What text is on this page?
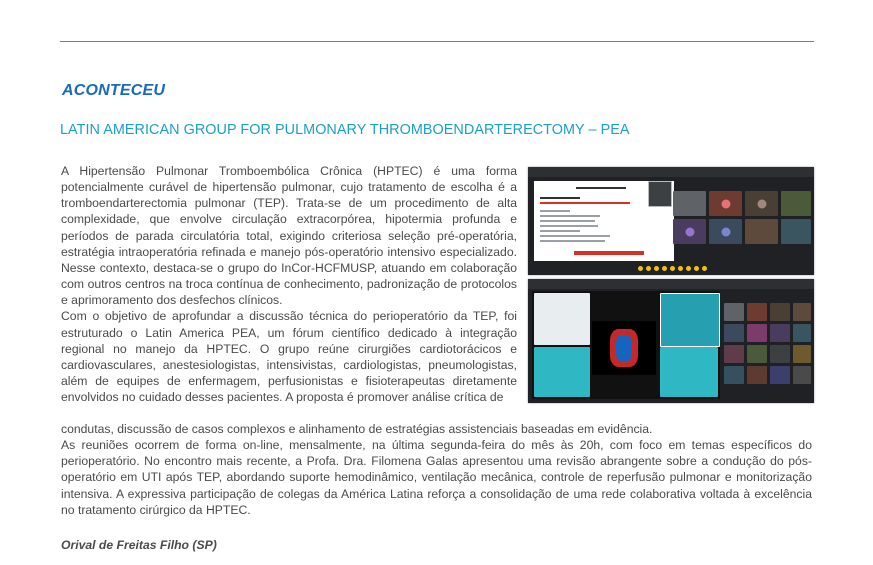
ACONTECEU
LATIN AMERICAN GROUP FOR PULMONARY THROMBOENDARTERECTOMY – PEA

A Hipertensão Pulmonar Tromboembólica Crônica (HPTEC) é uma forma potencialmente curável de hipertensão pulmonar, cujo tratamento de escolha é a tromboendarterectomia pulmonar (TEP). Trata-se de um procedimento de alta complexidade, que envolve circulação extracorpórea, hipotermia profunda e períodos de parada circulatória total, exigindo criteriosa seleção pré-operatória, estratégia intraoperatória refinada e manejo pós-operatório intensivo especializado. Nesse contexto, destaca-se o grupo do InCor-HCFMUSP, atuando em colaboração com outros centros na troca contínua de conhecimento, padronização de protocolos e aprimoramento dos desfechos clínicos.

Com o objetivo de aprofundar a discussão técnica do perioperatório da TEP, foi estruturado o Latin America PEA, um fórum científico dedicado à integração regional no manejo da HPTEC. O grupo reúne cirurgiões cardiotorácicos e cardiovasculares, anestesiologistas, intensivistas, cardiologistas, pneumologistas, além de equipes de enfermagem, perfusionistas e fisioterapeutas diretamente envolvidos no cuidado desses pacientes. A proposta é promover análise crítica de

condutas, discussão de casos complexos e alinhamento de estratégias assistenciais baseadas em evidência.

As reuniões ocorrem de forma on-line, mensalmente, na última segunda-feira do mês às 20h, com foco em temas específicos do perioperatório. No encontro mais recente, a Profa. Dra. Filomena Galas apresentou uma revisão abrangente sobre a condução do pós-operatório em UTI após TEP, abordando suporte hemodinâmico, ventilação mecânica, controle de reperfusão pulmonar e monitorização intensiva. A expressiva participação de colegas da América Latina reforça a consolidação de uma rede colaborativa voltada à excelência no tratamento cirúrgico da HPTEC.

Orival de Freitas Filho (SP)
